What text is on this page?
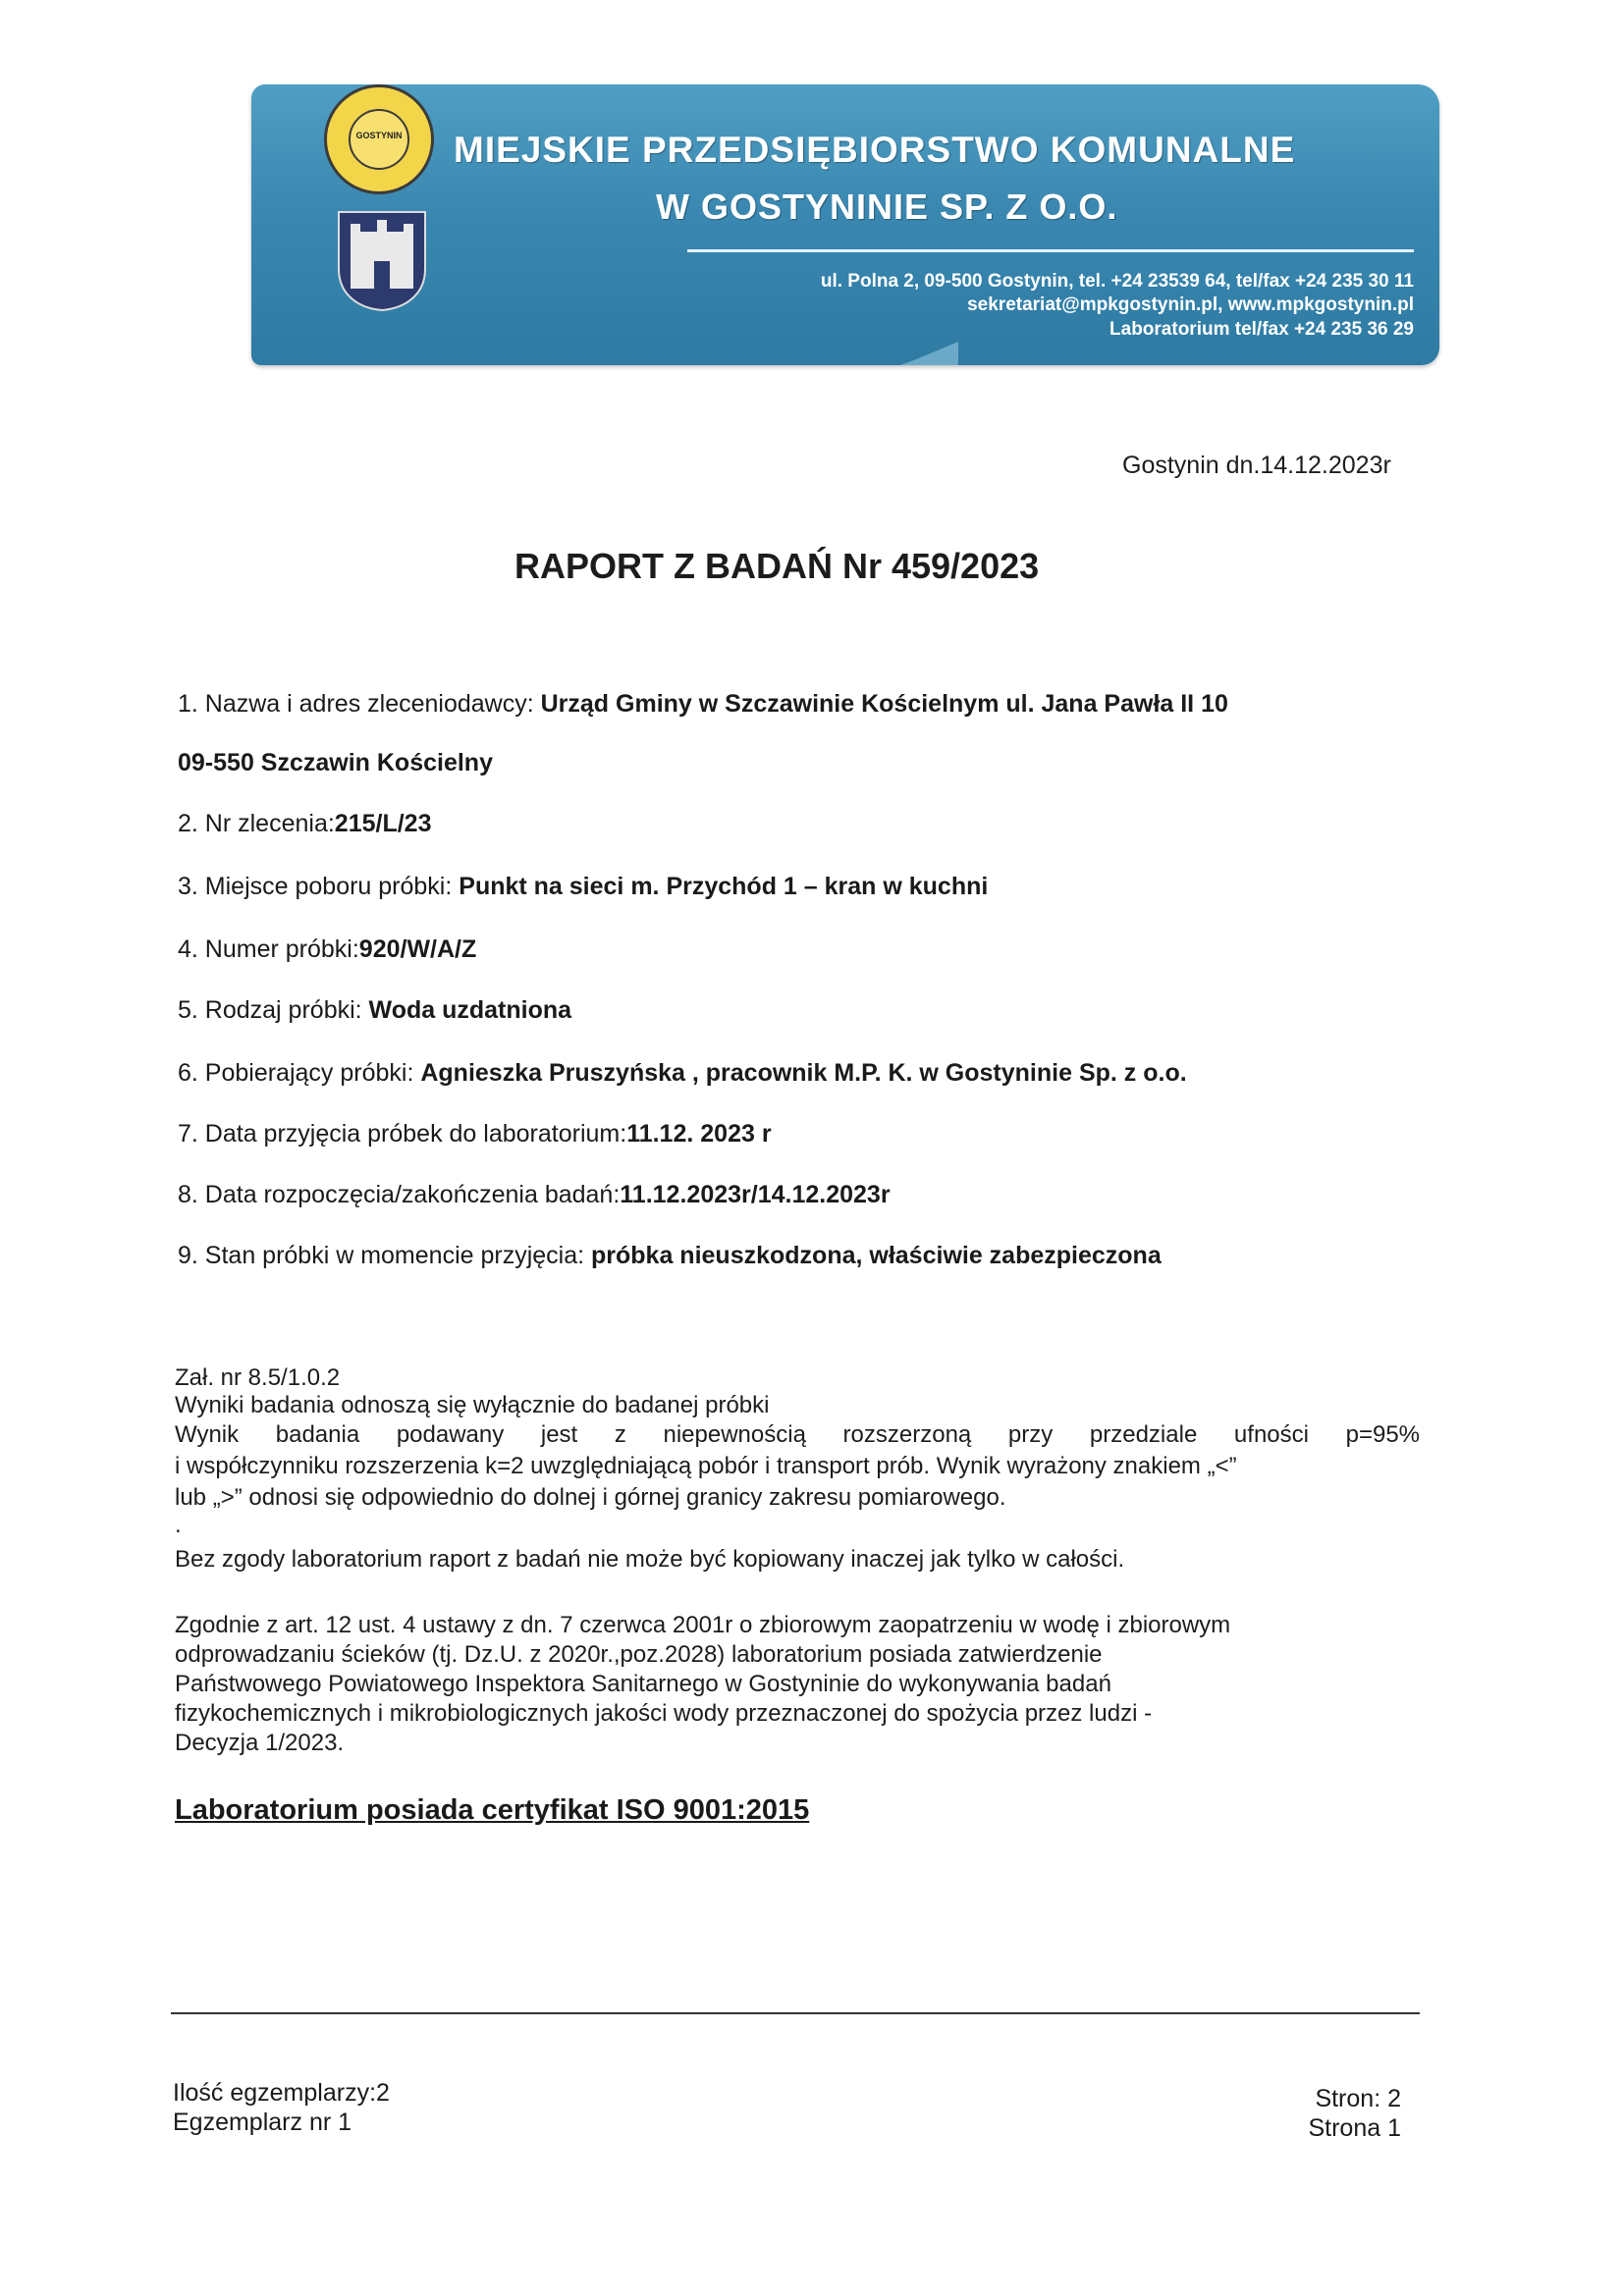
GOSTYNIN	MIEJSKIE PRZEDSIĘBIORSTWO KOMUNALNE
W GOSTYNINIE SP. Z O.O.
ul. Polna 2, 09-500 Gostynin, tel. +24 23539 64, tel/fax +24 235 30 11
sekretariat@mpkgostynin.pl, www.mpkgostynin.pl
Laboratorium tel/fax +24 235 36 29
Gostynin dn.14.12.2023r
RAPORT Z BADAŃ Nr 459/2023
1. Nazwa i adres zleceniodawcy: Urząd Gminy w Szczawinie Kościelnym ul. Jana Pawła II 10
09-550 Szczawin Kościelny
2. Nr zlecenia:215/L/23
3. Miejsce poboru próbki: Punkt na sieci m. Przychód 1 – kran w kuchni
4. Numer próbki:920/W/A/Z
5. Rodzaj próbki: Woda uzdatniona
6. Pobierający próbki: Agnieszka Pruszyńska , pracownik M.P. K. w Gostyninie Sp. z o.o.
7. Data przyjęcia próbek do laboratorium:11.12. 2023 r
8. Data rozpoczęcia/zakończenia badań:11.12.2023r/14.12.2023r
9. Stan próbki w momencie przyjęcia: próbka nieuszkodzona, właściwie zabezpieczona
Zał. nr 8.5/1.0.2
Wyniki badania odnoszą się wyłącznie do badanej próbki
Wynik badania podawany jest z niepewnością rozszerzoną przy przedziale ufności p=95%
i współczynniku rozszerzenia k=2 uwzględniającą pobór i transport prób. Wynik wyrażony znakiem „<”
lub „>” odnosi się odpowiednio do dolnej i górnej granicy zakresu pomiarowego.
.
Bez zgody laboratorium raport z badań nie może być kopiowany inaczej jak tylko w całości.
Zgodnie z art. 12 ust. 4 ustawy z dn. 7 czerwca 2001r o zbiorowym zaopatrzeniu w wodę i zbiorowym
odprowadzaniu ścieków (tj. Dz.U. z 2020r.,poz.2028) laboratorium posiada zatwierdzenie
Państwowego Powiatowego Inspektora Sanitarnego w Gostyninie do wykonywania badań
fizykochemicznych i mikrobiologicznych jakości wody przeznaczonej do spożycia przez ludzi -
Decyzja 1/2023.
Laboratorium posiada certyfikat ISO 9001:2015
Ilość egzemplarzy:2
Egzemplarz nr 1
Stron: 2
Strona 1
